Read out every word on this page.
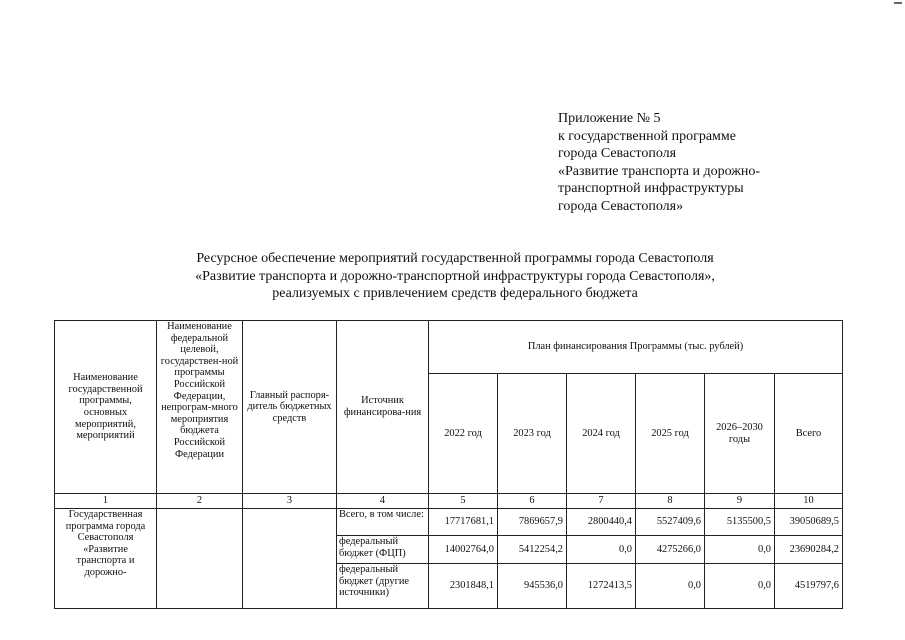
Приложение № 5
к государственной программе
города Севастополя
«Развитие транспорта и дорожно-
транспортной инфраструктуры
города Севастополя»
Ресурсное обеспечение мероприятий государственной программы города Севастополя
«Развитие транспорта и дорожно-транспортной инфраструктуры города Севастополя»,
реализуемых с привлечением средств федерального бюджета
Наименование государственной программы, основных мероприятий, мероприятий	Наименование федеральной целевой, государствен-ной программы Российской Федерации, непрограм-много мероприятия бюджета Российской Федерации	Главный распоря-дитель бюджетных средств	Источник финансирова-ния	План финансирования Программы (тыс. рублей)					
				2022 год	2023 год	2024 год	2025 год	2026–2030 годы	Всего
1	2	3	4	5	6	7	8	9	10
Государственная программа города Севастополя «Развитие транспорта и дорожно-			Всего, в том числе:	17717681,1	7869657,9	2800440,4	5527409,6	5135500,5	39050689,5
			федеральный бюджет (ФЦП)	14002764,0	5412254,2	0,0	4275266,0	0,0	23690284,2
			федеральный бюджет (другие источники)	2301848,1	945536,0	1272413,5	0,0	0,0	4519797,6
